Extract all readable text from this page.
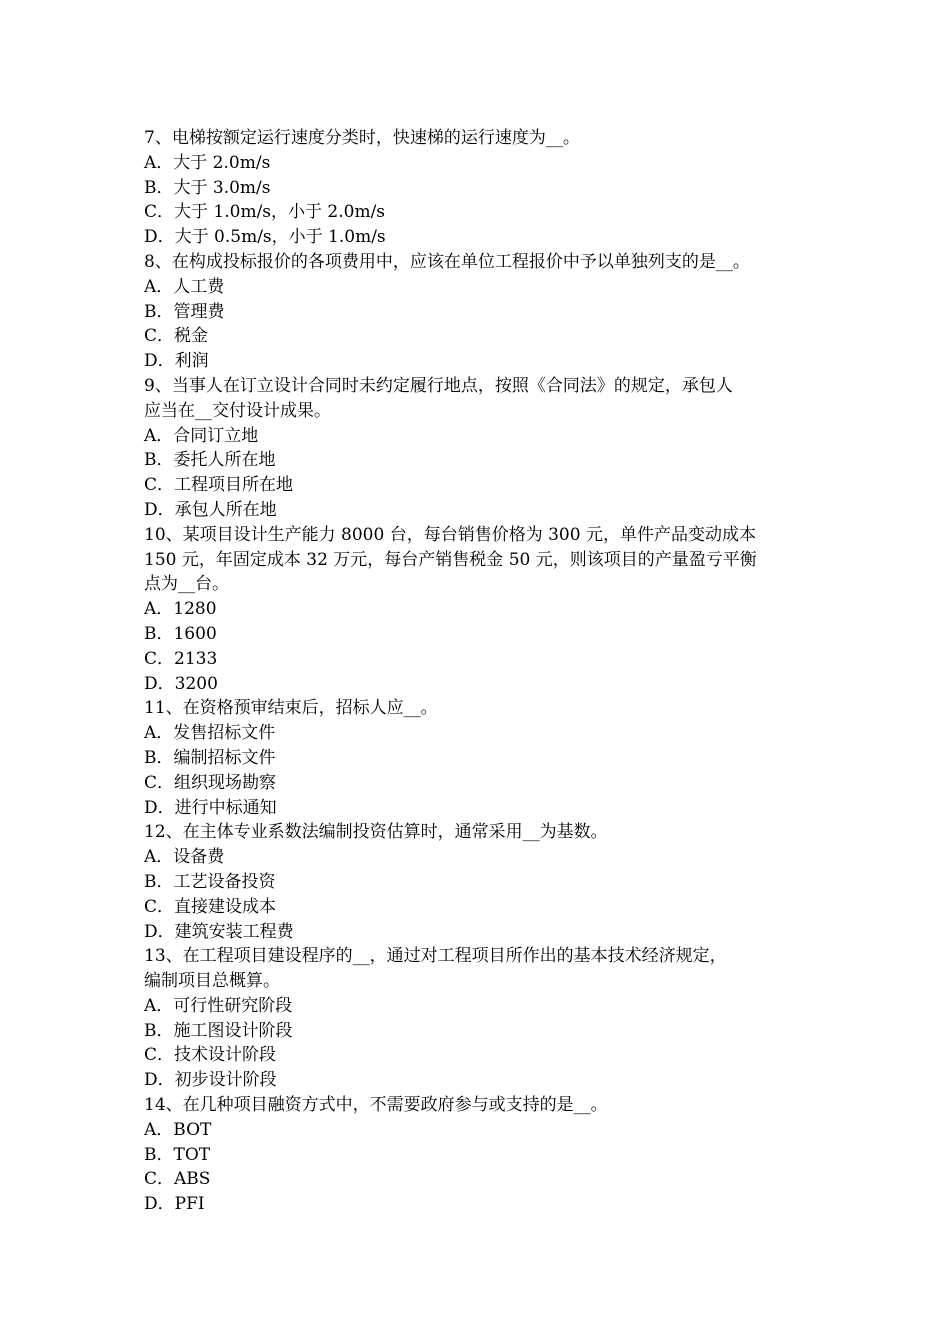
7、电梯按额定运行速度分类时，快速梯的运行速度为__。
A．大于 2.0m/s
B．大于 3.0m/s
C．大于 1.0m/s，小于 2.0m/s
D．大于 0.5m/s，小于 1.0m/s
8、在构成投标报价的各项费用中，应该在单位工程报价中予以单独列支的是__。
A．人工费
B．管理费
C．税金
D．利润
9、当事人在订立设计合同时未约定履行地点，按照《合同法》的规定，承包人
应当在__交付设计成果。
A．合同订立地
B．委托人所在地
C．工程项目所在地
D．承包人所在地
10、某项目设计生产能力 8000 台，每台销售价格为 300 元，单件产品变动成本
150 元，年固定成本 32 万元，每台产销售税金 50 元，则该项目的产量盈亏平衡
点为__台。
A．1280
B．1600
C．2133
D．3200
11、在资格预审结束后，招标人应__。
A．发售招标文件
B．编制招标文件
C．组织现场勘察
D．进行中标通知
12、在主体专业系数法编制投资估算时，通常采用__为基数。
A．设备费
B．工艺设备投资
C．直接建设成本
D．建筑安装工程费
13、在工程项目建设程序的__，通过对工程项目所作出的基本技术经济规定，
编制项目总概算。
A．可行性研究阶段
B．施工图设计阶段
C．技术设计阶段
D．初步设计阶段
14、在几种项目融资方式中，不需要政府参与或支持的是__。
A．BOT
B．TOT
C．ABS
D．PFI
